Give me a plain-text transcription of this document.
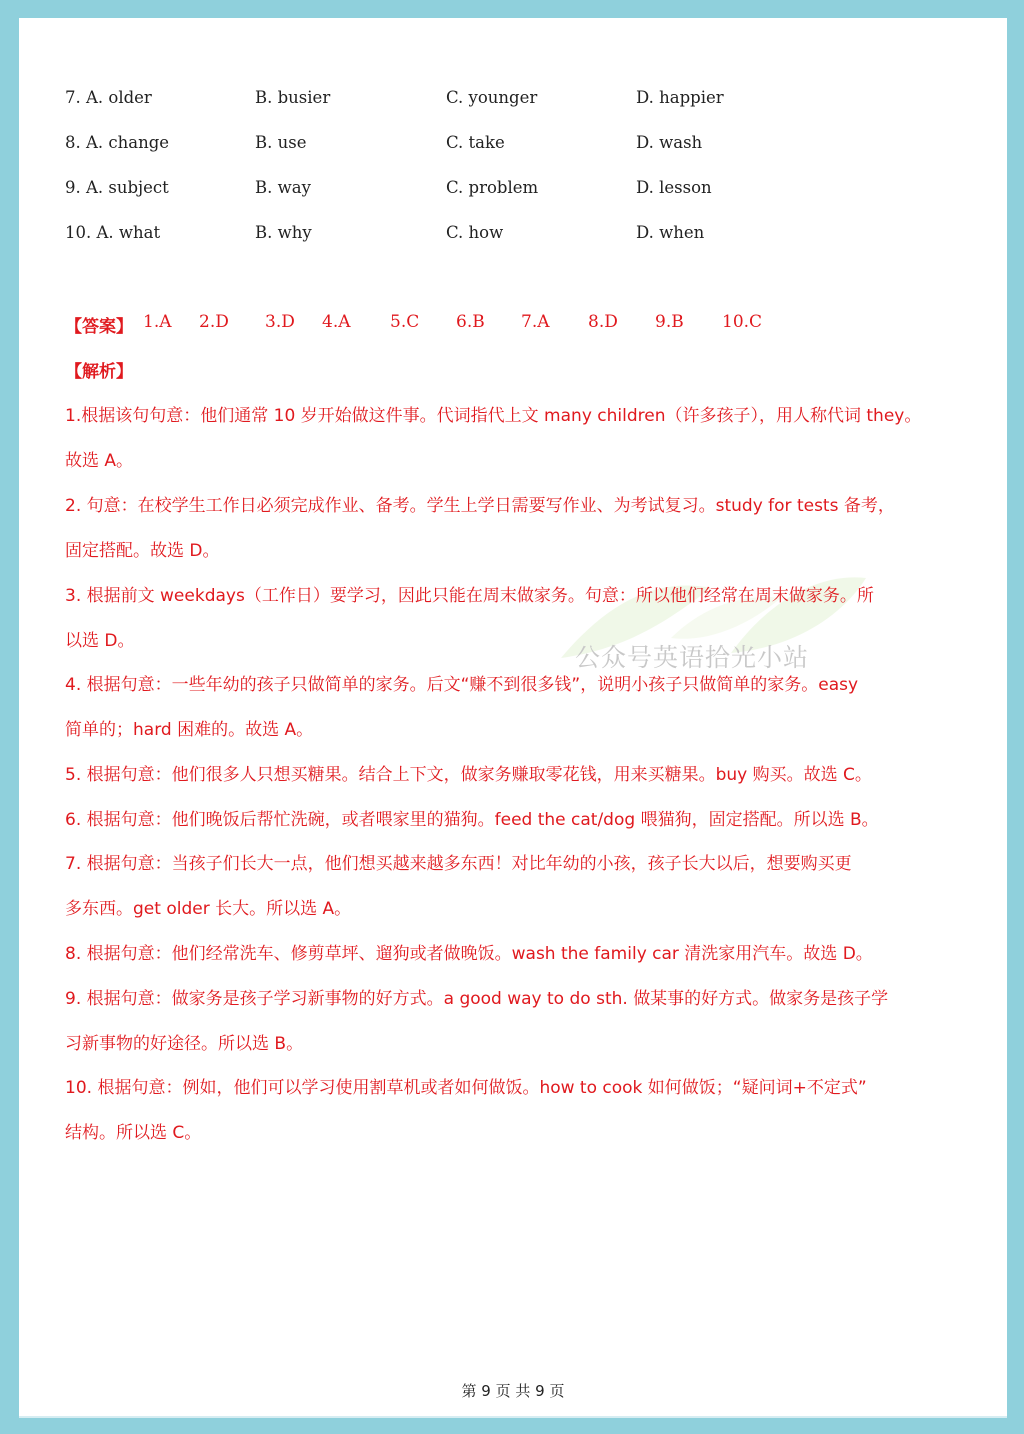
7. A. older	B. busier	C. younger	D. happier
8. A. change	B. use	C. take	D. wash
9. A. subject	B. way	C. problem	D. lesson
10. A. what	B. why	C. how	D. when
【答案】 1.A 2.D 3.D 4.A 5.C 6.B 7.A 8.D 9.B 10.C
【解析】
公众号英语拾光小站
1.根据该句句意：他们通常 10 岁开始做这件事。代词指代上文 many children（许多孩子），用人称代词 they。
故选 A。
2. 句意：在校学生工作日必须完成作业、备考。学生上学日需要写作业、为考试复习。study for tests 备考，
固定搭配。故选 D。
3. 根据前文 weekdays（工作日）要学习，因此只能在周末做家务。句意：所以他们经常在周末做家务。所
以选 D。
4. 根据句意：一些年幼的孩子只做简单的家务。后文“赚不到很多钱”，说明小孩子只做简单的家务。easy
简单的；hard 困难的。故选 A。
5. 根据句意：他们很多人只想买糖果。结合上下文，做家务赚取零花钱，用来买糖果。buy 购买。故选 C。
6. 根据句意：他们晚饭后帮忙洗碗，或者喂家里的猫狗。feed the cat/dog 喂猫狗，固定搭配。所以选 B。
7. 根据句意：当孩子们长大一点，他们想买越来越多东西！对比年幼的小孩，孩子长大以后，想要购买更
多东西。get older 长大。所以选 A。
8. 根据句意：他们经常洗车、修剪草坪、遛狗或者做晚饭。wash the family car 清洗家用汽车。故选 D。
9. 根据句意：做家务是孩子学习新事物的好方式。a good way to do sth. 做某事的好方式。做家务是孩子学
习新事物的好途径。所以选 B。
10. 根据句意：例如，他们可以学习使用割草机或者如何做饭。how to cook 如何做饭；“疑问词+不定式”
结构。所以选 C。
第 9 页 共 9 页
